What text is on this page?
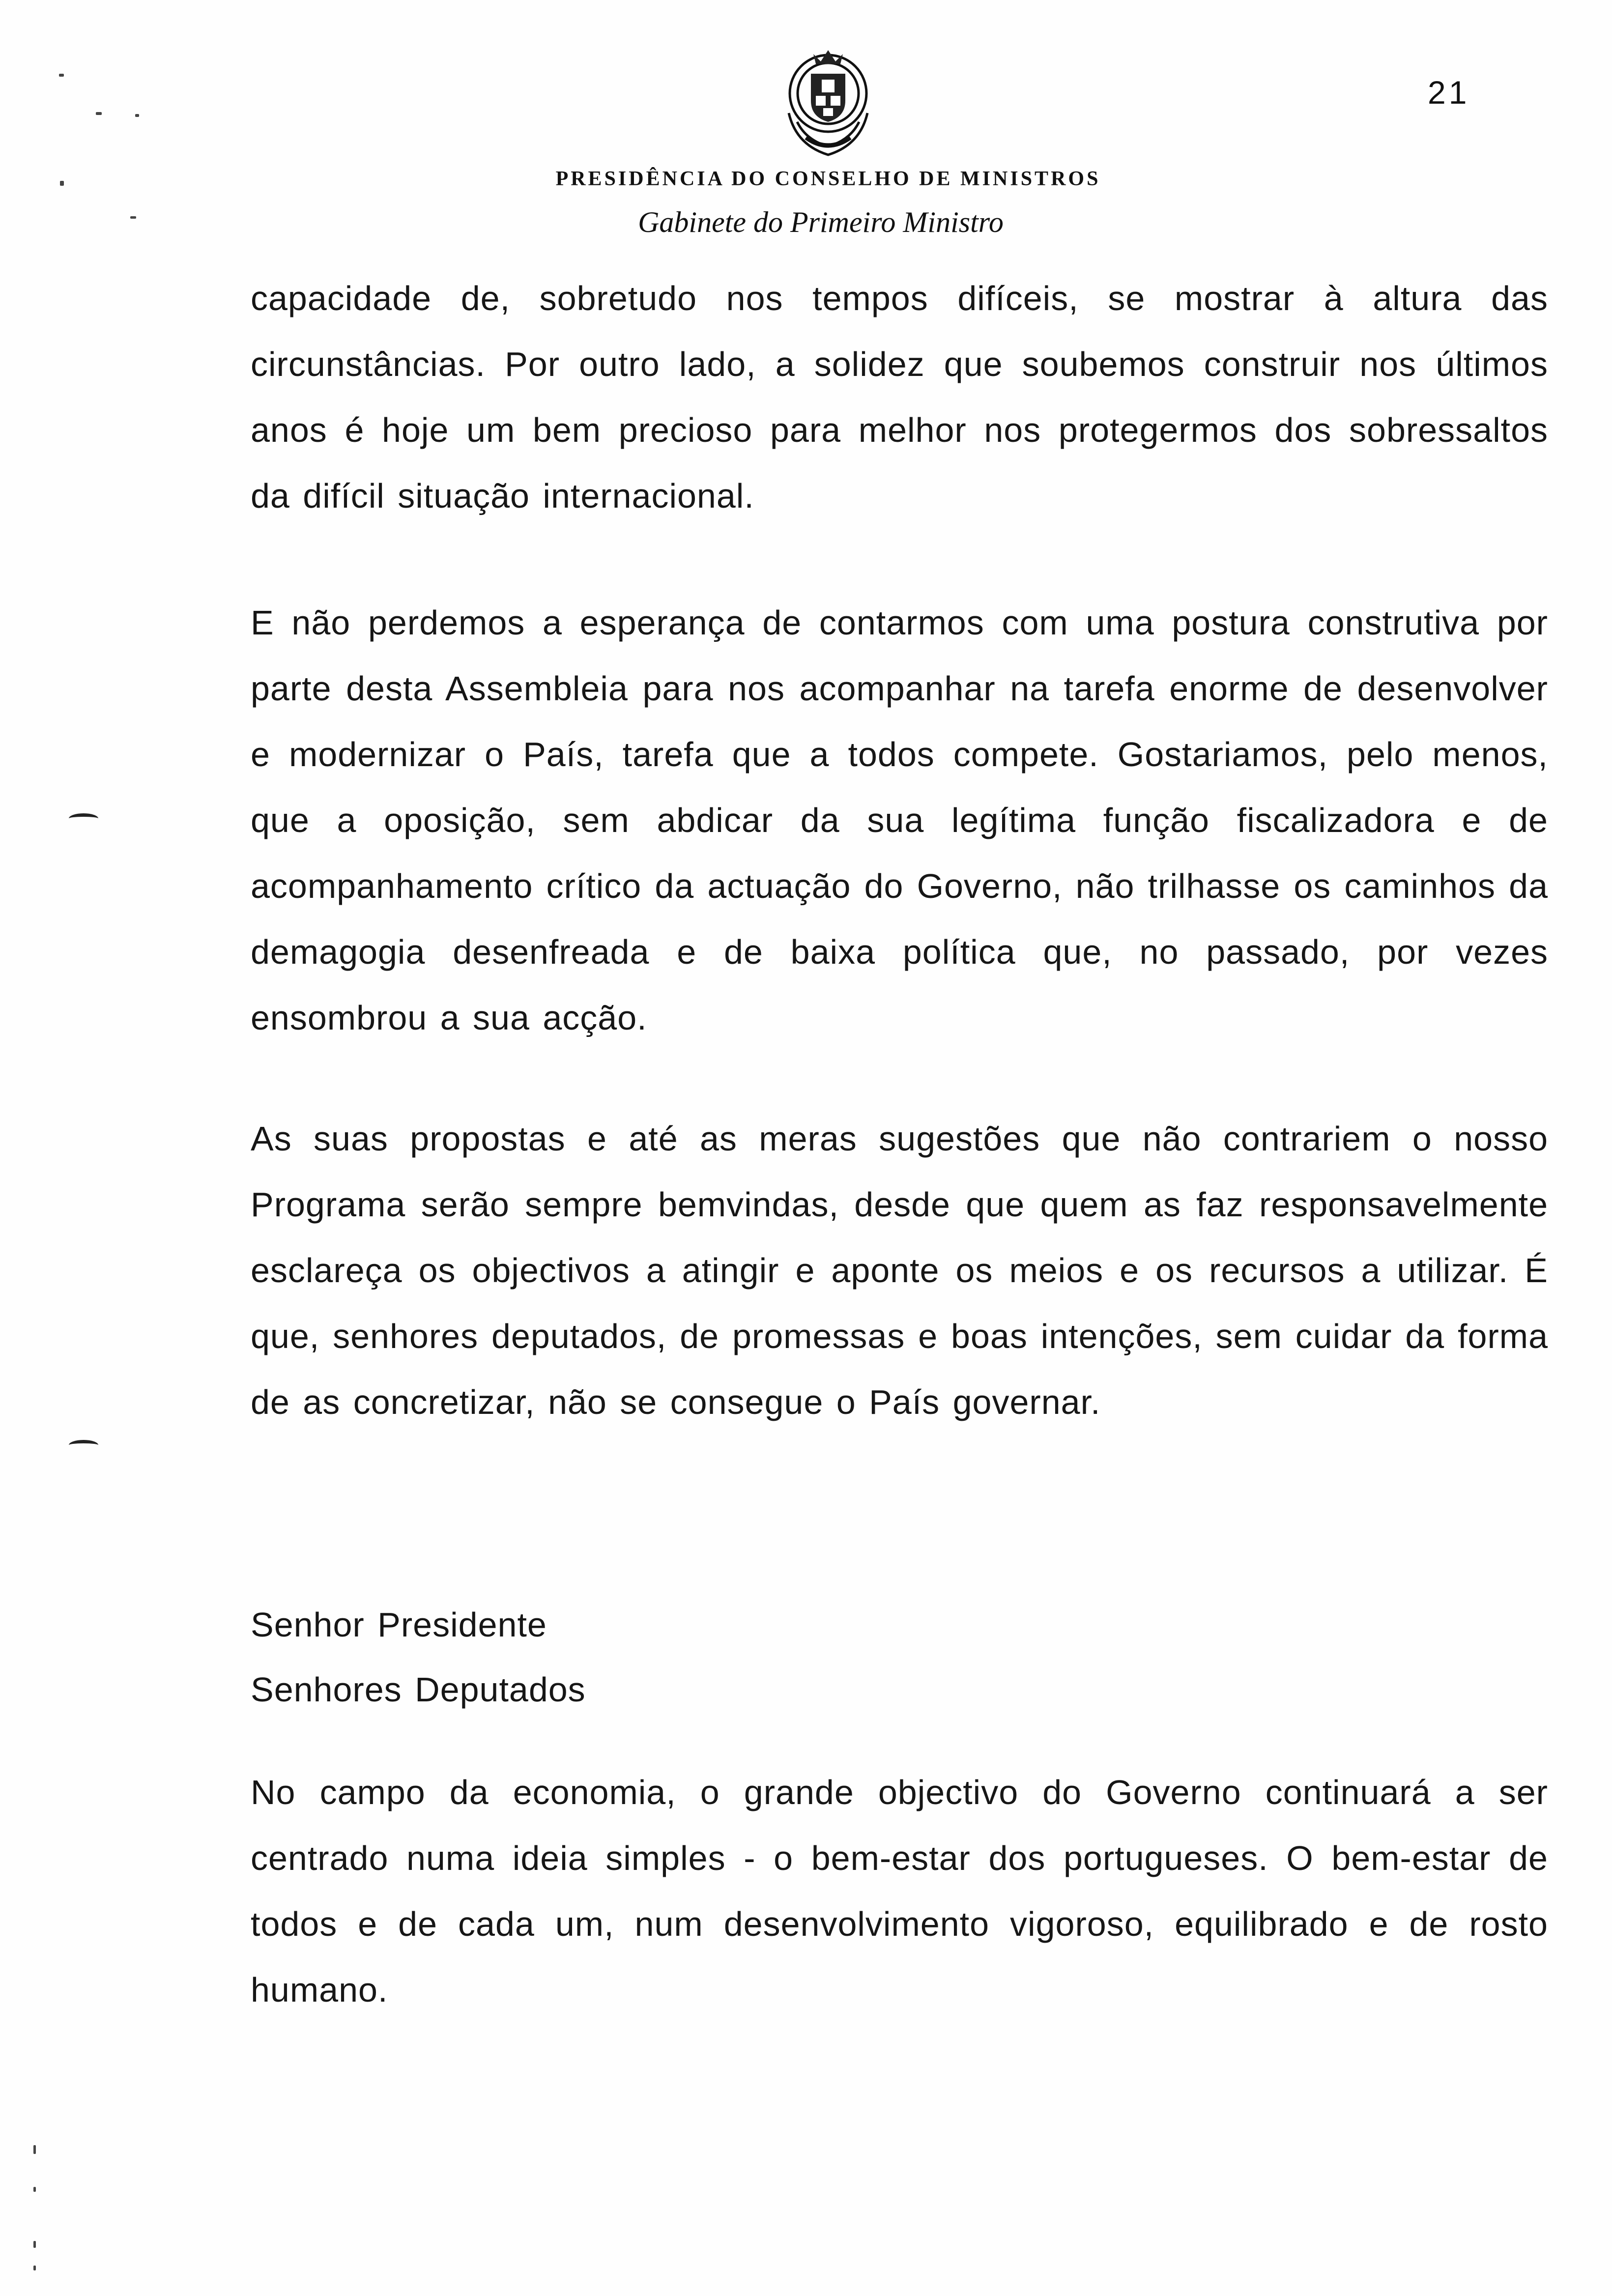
21
PRESIDÊNCIA DO CONSELHO DE MINISTROS
Gabinete do Primeiro Ministro
capacidade de, sobretudo nos tempos difíceis, se mostrar à altura das circunstâncias. Por outro lado, a solidez que soubemos construir nos últimos anos é hoje um bem precioso para melhor nos protegermos dos sobressaltos da difícil situação internacional.
E não perdemos a esperança de contarmos com uma postura construtiva por parte desta Assembleia para nos acompanhar na tarefa enorme de desenvolver e modernizar o País, tarefa que a todos compete. Gostariamos, pelo menos, que a oposição, sem abdicar da sua legítima função fiscalizadora e de acompanhamento crítico da actuação do Governo, não trilhasse os caminhos da demagogia desenfreada e de baixa política que, no passado, por vezes ensombrou a sua acção.
As suas propostas e até as meras sugestões que não contrariem o nosso Programa serão sempre bemvindas, desde que quem as faz responsavelmente esclareça os objectivos a atingir e aponte os meios e os recursos a utilizar. É que, senhores deputados, de promessas e boas intenções, sem cuidar da forma de as concretizar, não se consegue o País governar.
Senhor Presidente
Senhores Deputados
No campo da economia, o grande objectivo do Governo continuará a ser centrado numa ideia simples - o bem-estar dos portugueses. O bem-estar de todos e de cada um, num desenvolvimento vigoroso, equilibrado e de rosto humano.
